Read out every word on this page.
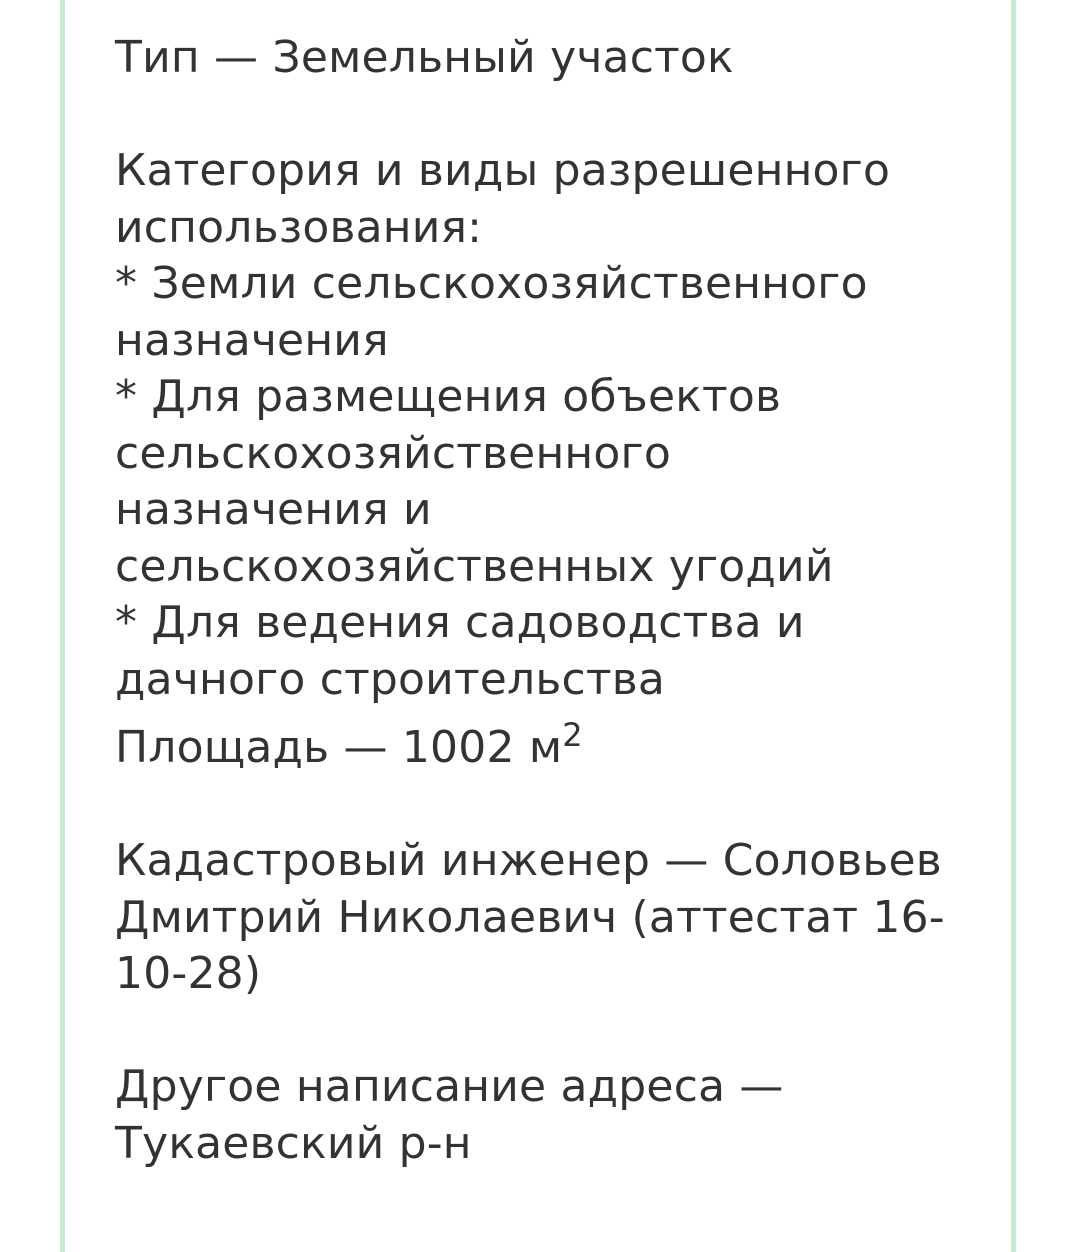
Тип — Земельный участок
Категория и виды разрешенного
использования:
* Земли сельскохозяйственного
назначения
* Для размещения объектов
сельскохозяйственного
назначения и
сельскохозяйственных угодий
* Для ведения садоводства и
дачного строительства
Площадь — 1002 $м^2$
Кадастровый инженер — Соловьев
Дмитрий Николаевич (аттестат 16-
10-28)
Другое написание адреса —
Тукаевский р-н
